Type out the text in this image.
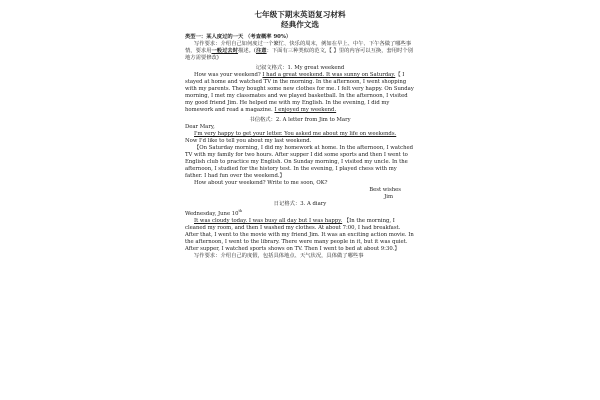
七年级下期末英语复习材料
经典作文选

类型一：某人度过的一天 （考查概率 90%）

写作要求：介绍自己如何度过一个繁忙、快乐的周末，例如在早上、中午、下午各做了哪些事情，要求用一般过去时描述。(注意：下面有三种类似的范文,【 】里的内容可以互换，套用时个别地方需要修改)

记叙文格式：1. My great weekend

How was your weekend? I had a great weekend. It was sunny on Saturday.【 I stayed at home and watched TV in the morning. In the afternoon, I went shopping with my parents. They bought some new clothes for me. I felt very happy. On Sunday morning, I met my classmates and we played basketball. In the afternoon, I visited my good friend Jim. He helped me with my English. In the evening, I did my homework and read a magazine. I enjoyed my weekend.

书信格式：2. A letter from Jim to Mary

Dear Mary,

I'm very happy to get your letter. You asked me about my life on weekends.

Now I'd like to tell you about my last weekend.

【On Saturday morning, I did my homework at home. In the afternoon, I watched TV with my family for two hours. After supper I did some sports and then I went to English club to practice my English. On Sunday morning, I visited my uncle. In the afternoon, I studied for the history test. In the evening, I played chess with my father. I had fun over the weekend.】

How about your weekend? Write to me soon, OK?

Best wishes

Jim

日记格式：3. A diary

Wednesday, June 10th

It was cloudy today. I was busy all day but I was happy. 【In the morning, I cleaned my room, and then I washed my clothes. At about 7:00, I had breakfast. After that, I went to the movie with my friend Jim. It was an exciting action movie. In the afternoon, I went to the library. There were many people in it, but it was quiet. After supper, I watched sports shows on TV. Then I went to bed at about 9:30.】

写作要求：介绍自己的度假，包括具体地点、天气状况，具体做了哪些事
